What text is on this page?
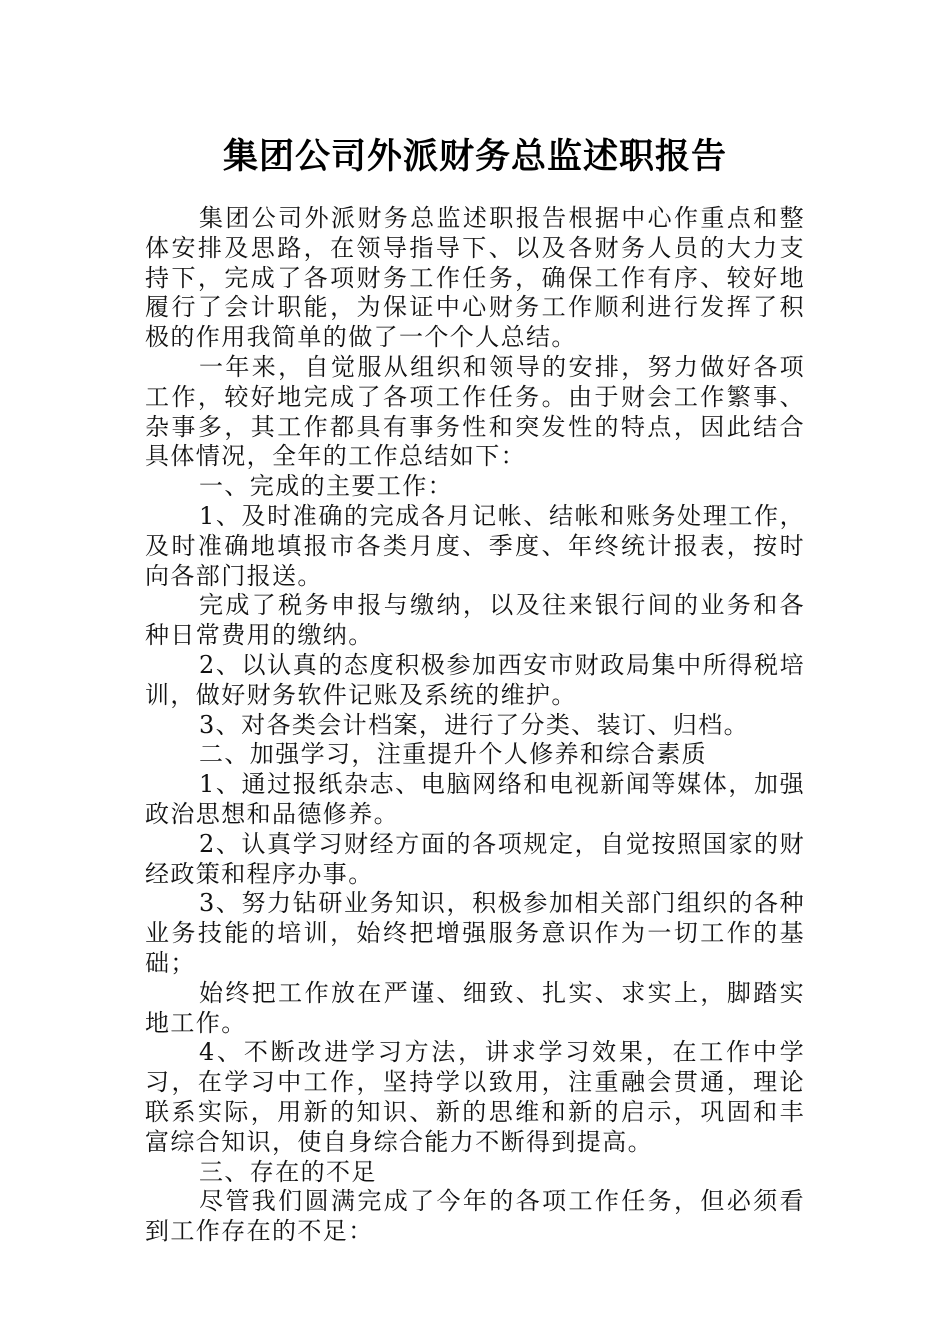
集团公司外派财务总监述职报告

集团公司外派财务总监述职报告根据中心作重点和整体安排及思路，在领导指导下、以及各财务人员的大力支持下，完成了各项财务工作任务，确保工作有序、较好地履行了会计职能，为保证中心财务工作顺利进行发挥了积极的作用我简单的做了一个个人总结。

一年来，自觉服从组织和领导的安排，努力做好各项工作，较好地完成了各项工作任务。由于财会工作繁事、杂事多，其工作都具有事务性和突发性的特点，因此结合具体情况，全年的工作总结如下：

一、完成的主要工作：

1、及时准确的完成各月记帐、结帐和账务处理工作，及时准确地填报市各类月度、季度、年终统计报表，按时向各部门报送。

完成了税务申报与缴纳，以及往来银行间的业务和各种日常费用的缴纳。

2、以认真的态度积极参加西安市财政局集中所得税培训，做好财务软件记账及系统的维护。

3、对各类会计档案，进行了分类、装订、归档。

二、加强学习，注重提升个人修养和综合素质

1、通过报纸杂志、电脑网络和电视新闻等媒体，加强政治思想和品德修养。

2、认真学习财经方面的各项规定，自觉按照国家的财经政策和程序办事。

3、努力钻研业务知识，积极参加相关部门组织的各种业务技能的培训，始终把增强服务意识作为一切工作的基础；

始终把工作放在严谨、细致、扎实、求实上，脚踏实地工作。

4、不断改进学习方法，讲求学习效果，在工作中学习，在学习中工作，坚持学以致用，注重融会贯通，理论联系实际，用新的知识、新的思维和新的启示，巩固和丰富综合知识，使自身综合能力不断得到提高。

三、存在的不足

尽管我们圆满完成了今年的各项工作任务，但必须看到工作存在的不足：
